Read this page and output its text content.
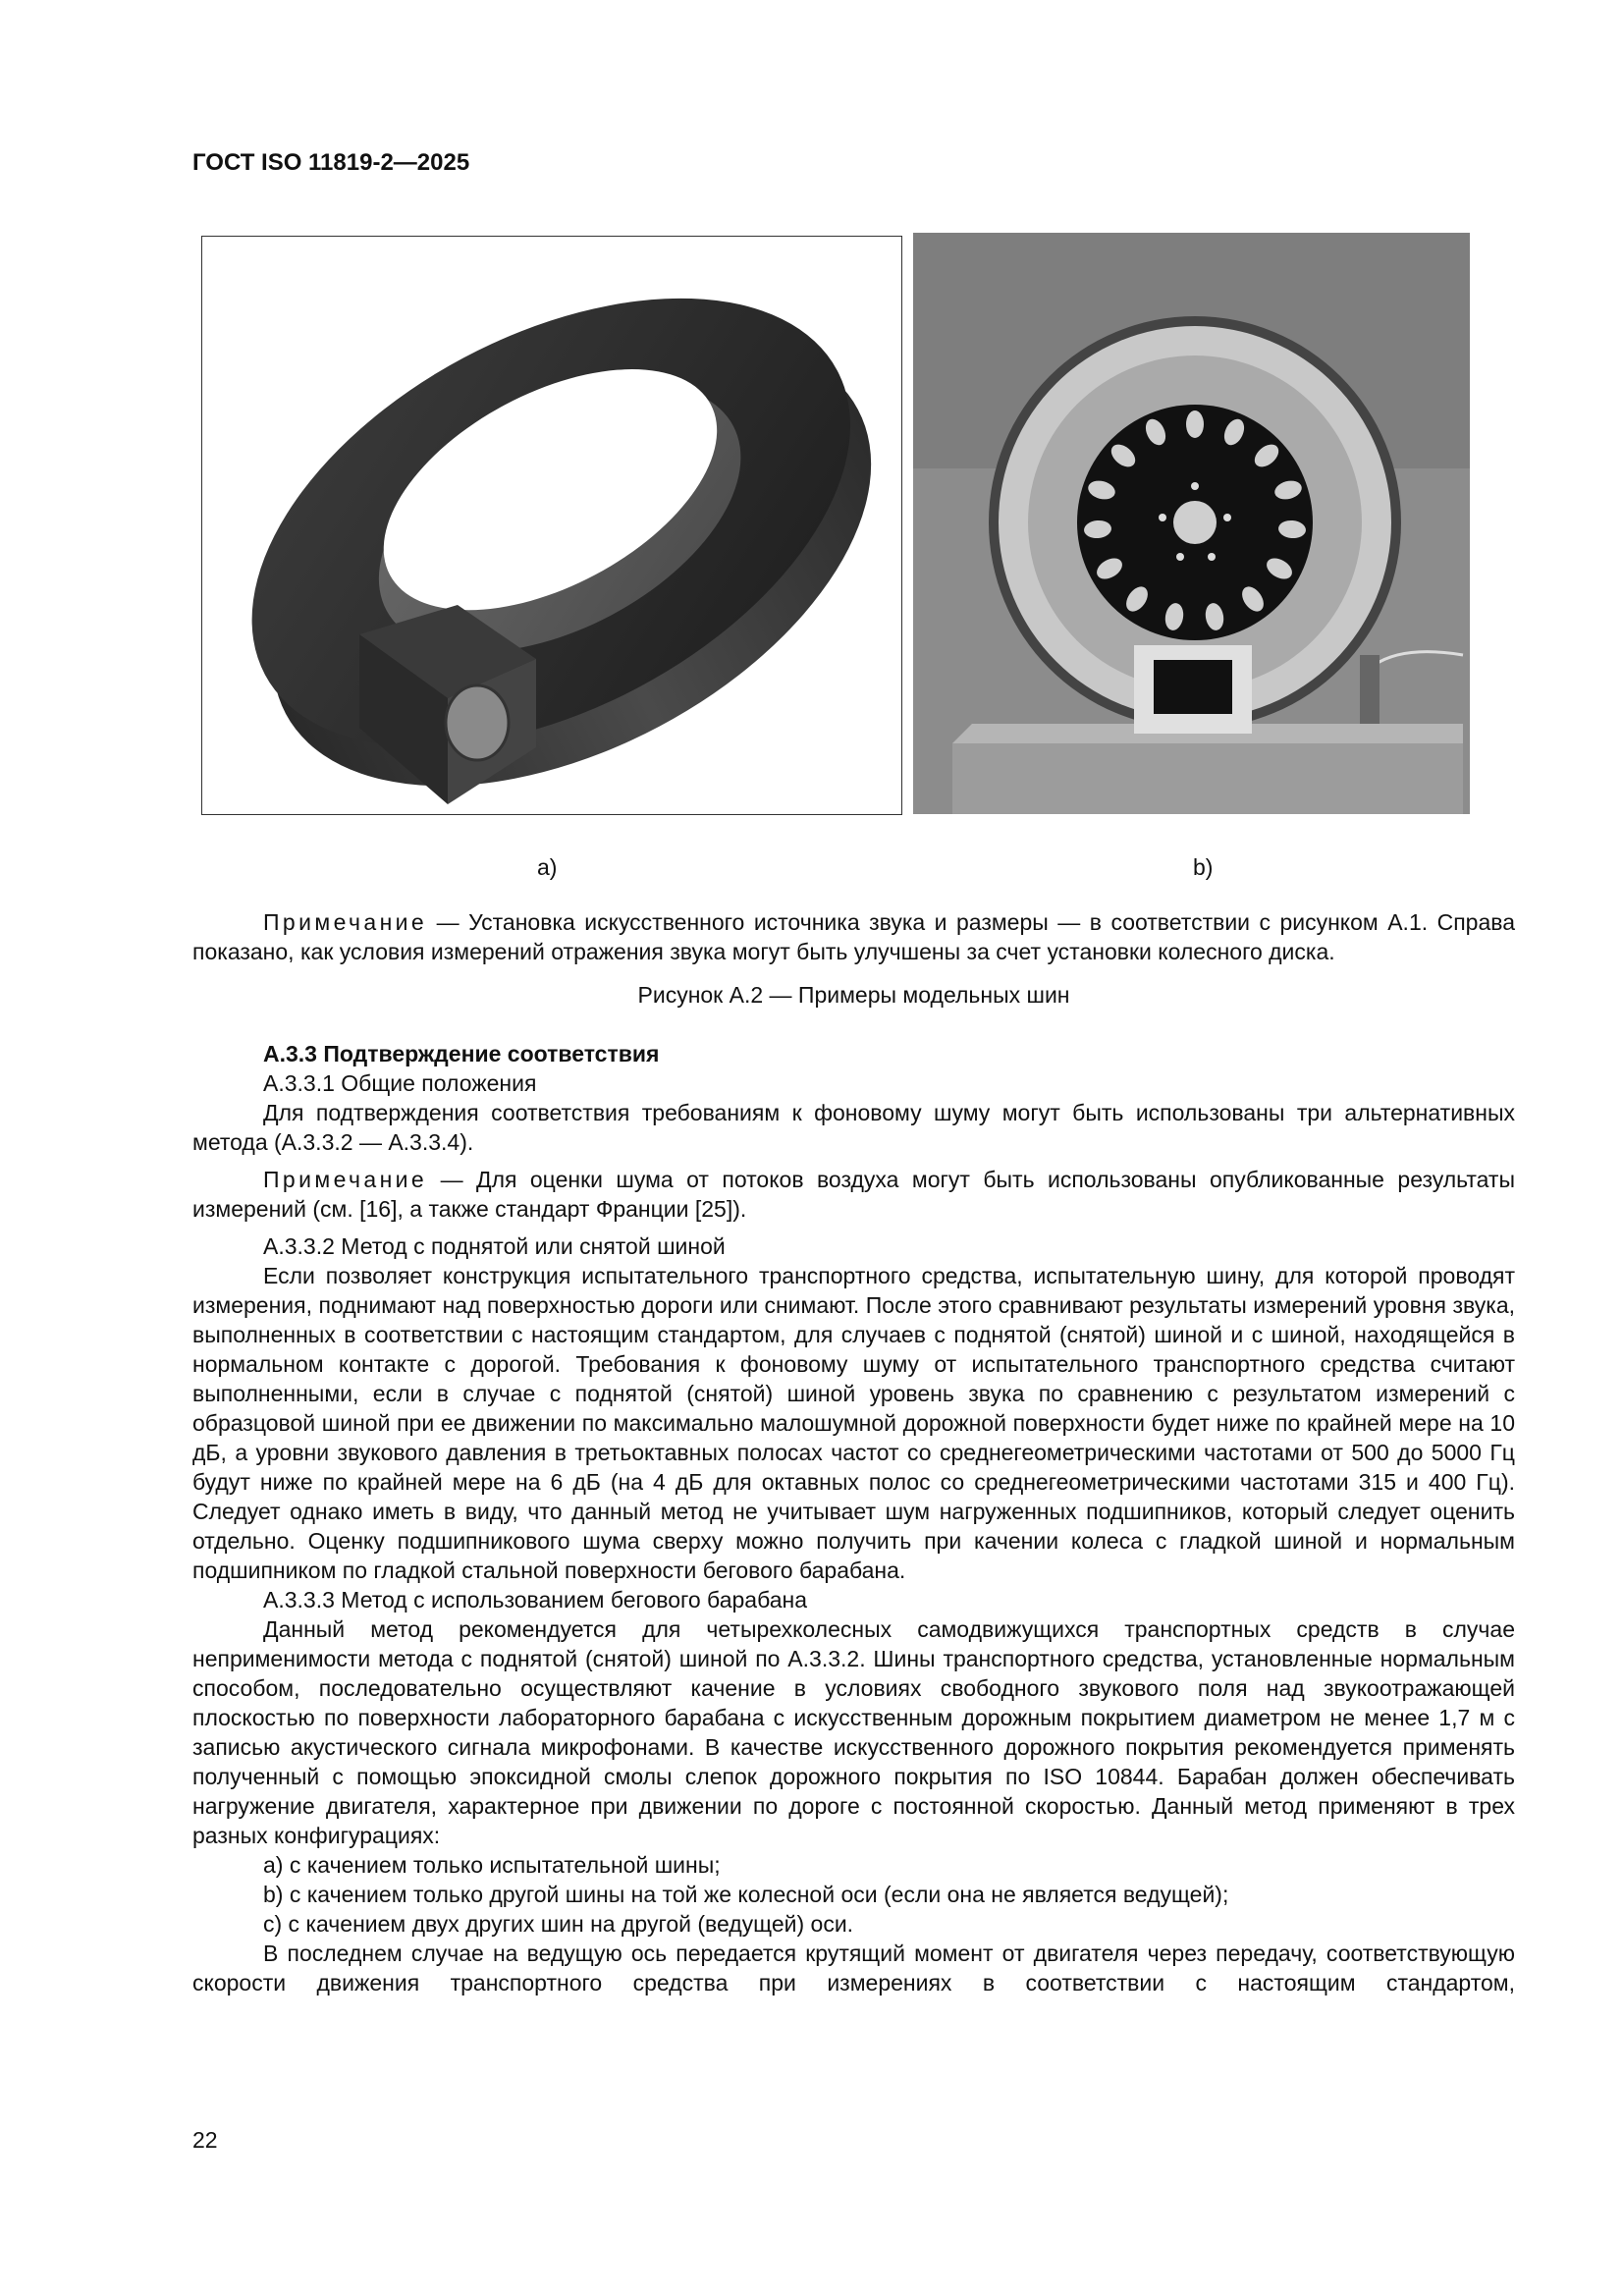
ГОСТ ISO 11819-2—2025
а)	b)

Примечание — Установка искусственного источника звука и размеры — в соответствии с рисунком А.1. Справа показано, как условия измерений отражения звука могут быть улучшены за счет установки колесного диска.

Рисунок А.2 — Примеры модельных шин

А.3.3 Подтверждение соответствия

А.3.3.1 Общие положения

Для подтверждения соответствия требованиям к фоновому шуму могут быть использованы три альтернативных метода (А.3.3.2 — А.3.3.4).

Примечание — Для оценки шума от потоков воздуха могут быть использованы опубликованные результаты измерений (см. [16], а также стандарт Франции [25]).

А.3.3.2 Метод с поднятой или снятой шиной

Если позволяет конструкция испытательного транспортного средства, испытательную шину, для которой проводят измерения, поднимают над поверхностью дороги или снимают. После этого сравнивают результаты измерений уровня звука, выполненных в соответствии с настоящим стандартом, для случаев с поднятой (снятой) шиной и с шиной, находящейся в нормальном контакте с дорогой. Требования к фоновому шуму от испытательного транспортного средства считают выполненными, если в случае с поднятой (снятой) шиной уровень звука по сравнению с результатом измерений с образцовой шиной при ее движении по максимально малошумной дорожной поверхности будет ниже по крайней мере на 10 дБ, а уровни звукового давления в третьоктавных полосах частот со среднегеометрическими частотами от 500 до 5000 Гц будут ниже по крайней мере на 6 дБ (на 4 дБ для октавных полос со среднегеометрическими частотами 315 и 400 Гц). Следует однако иметь в виду, что данный метод не учитывает шум нагруженных подшипников, который следует оценить отдельно. Оценку подшипникового шума сверху можно получить при качении колеса с гладкой шиной и нормальным подшипником по гладкой стальной поверхности бегового барабана.

А.3.3.3 Метод с использованием бегового барабана

Данный метод рекомендуется для четырехколесных самодвижущихся транспортных средств в случае неприменимости метода с поднятой (снятой) шиной по А.3.3.2. Шины транспортного средства, установленные нормальным способом, последовательно осуществляют качение в условиях свободного звукового поля над звукоотражающей плоскостью по поверхности лабораторного барабана с искусственным дорожным покрытием диаметром не менее 1,7 м с записью акустического сигнала микрофонами. В качестве искусственного дорожного покрытия рекомендуется применять полученный с помощью эпоксидной смолы слепок дорожного покрытия по ISO 10844. Барабан должен обеспечивать нагружение двигателя, характерное при движении по дороге с постоянной скоростью. Данный метод применяют в трех разных конфигурациях:

а) с качением только испытательной шины;

b) с качением только другой шины на той же колесной оси (если она не является ведущей);

с) с качением двух других шин на другой (ведущей) оси.

В последнем случае на ведущую ось передается крутящий момент от двигателя через передачу, соответствующую скорости движения транспортного средства при измерениях в соответствии с настоящим стандартом,

22
